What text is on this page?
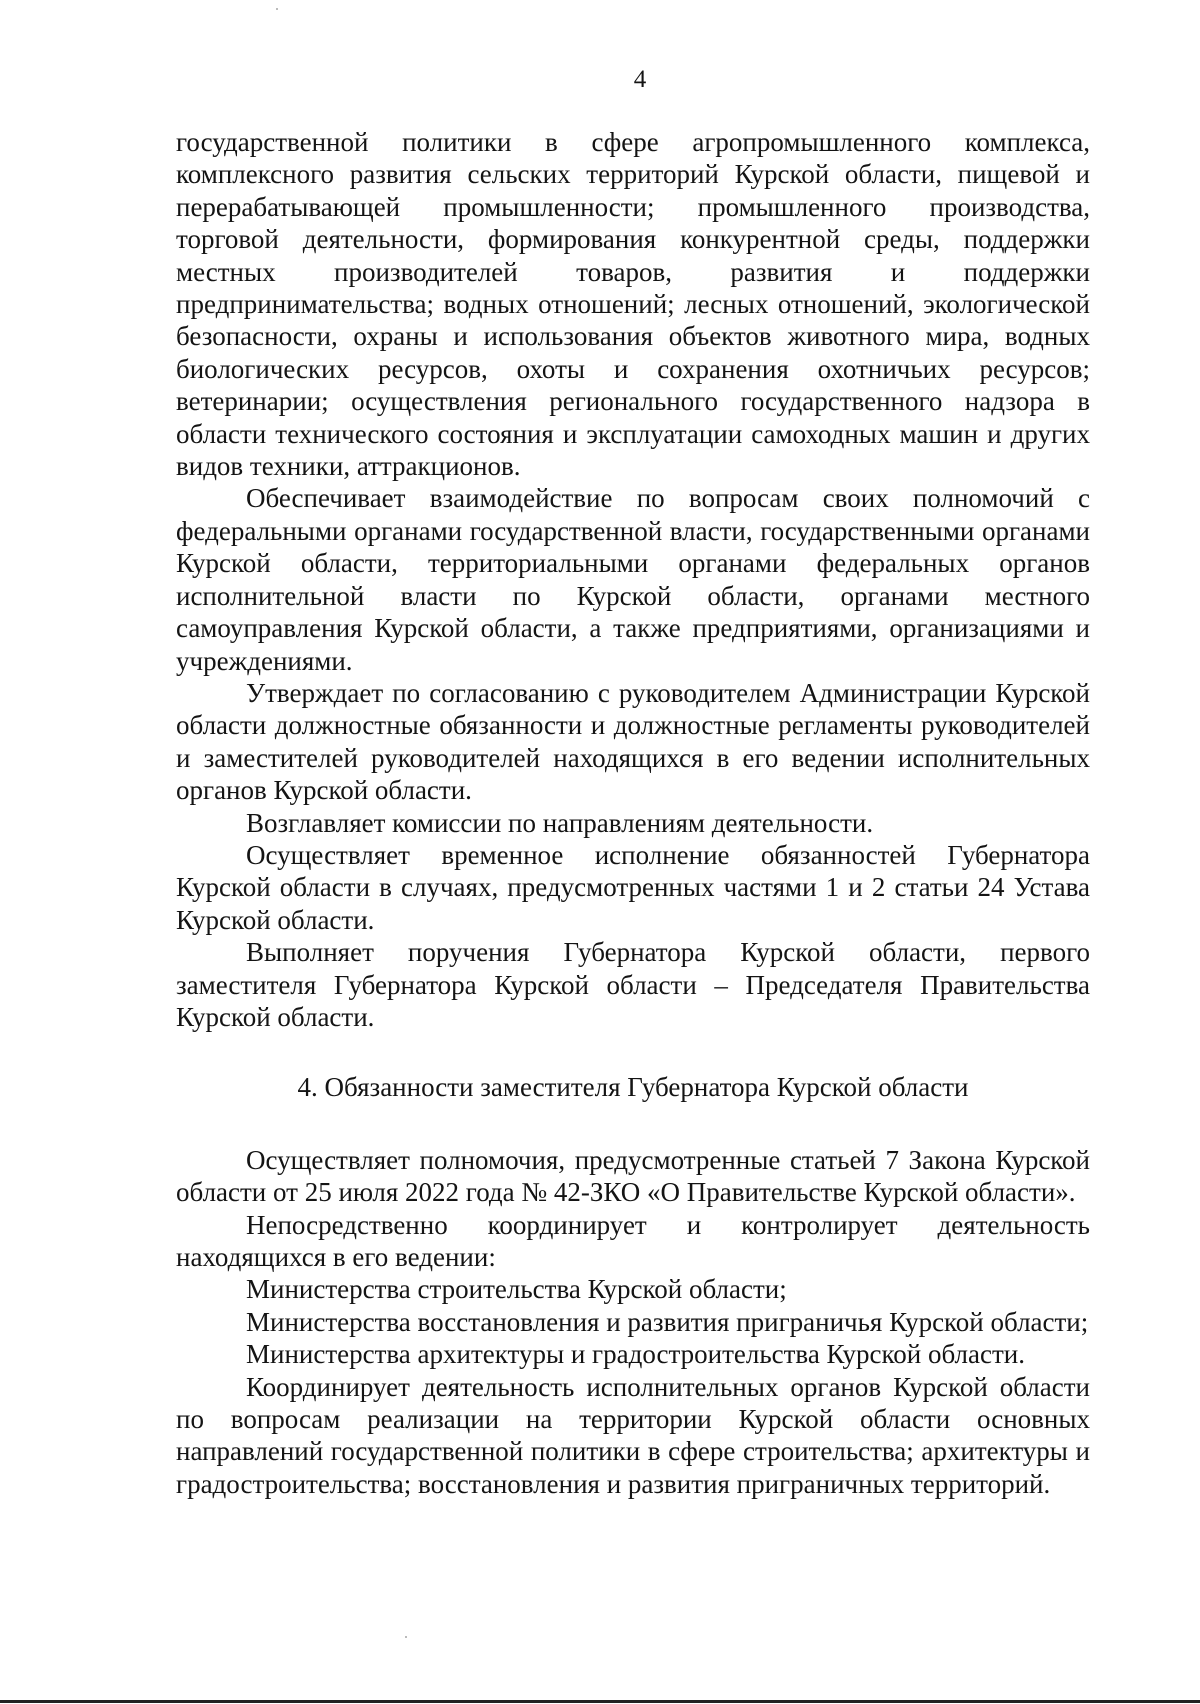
4

государственной политики в сфере агропромышленного комплекса, комплексного развития сельских территорий Курской области, пищевой и перерабатывающей промышленности; промышленного производства, торговой деятельности, формирования конкурентной среды, поддержки местных производителей товаров, развития и поддержки предпринимательства; водных отношений; лесных отношений, экологической безопасности, охраны и использования объектов животного мира, водных биологических ресурсов, охоты и сохранения охотничьих ресурсов; ветеринарии; осуществления регионального государственного надзора в области технического состояния и эксплуатации самоходных машин и других видов техники, аттракционов.

Обеспечивает взаимодействие по вопросам своих полномочий с федеральными органами государственной власти, государственными органами Курской области, территориальными органами федеральных органов исполнительной власти по Курской области, органами местного самоуправления Курской области, а также предприятиями, организациями и учреждениями.

Утверждает по согласованию с руководителем Администрации Курской области должностные обязанности и должностные регламенты руководителей и заместителей руководителей находящихся в его ведении исполнительных органов Курской области.

Возглавляет комиссии по направлениям деятельности.

Осуществляет временное исполнение обязанностей Губернатора Курской области в случаях, предусмотренных частями 1 и 2 статьи 24 Устава Курской области.

Выполняет поручения Губернатора Курской области, первого заместителя Губернатора Курской области – Председателя Правительства Курской области.

4. Обязанности заместителя Губернатора Курской области

Осуществляет полномочия, предусмотренные статьей 7 Закона Курской области от 25 июля 2022 года № 42-ЗКО «О Правительстве Курской области».

Непосредственно координирует и контролирует деятельность находящихся в его ведении:

Министерства строительства Курской области;

Министерства восстановления и развития приграничья Курской области;

Министерства архитектуры и градостроительства Курской области.

Координирует деятельность исполнительных органов Курской области по вопросам реализации на территории Курской области основных направлений государственной политики в сфере строительства; архитектуры и градостроительства; восстановления и развития приграничных территорий.
